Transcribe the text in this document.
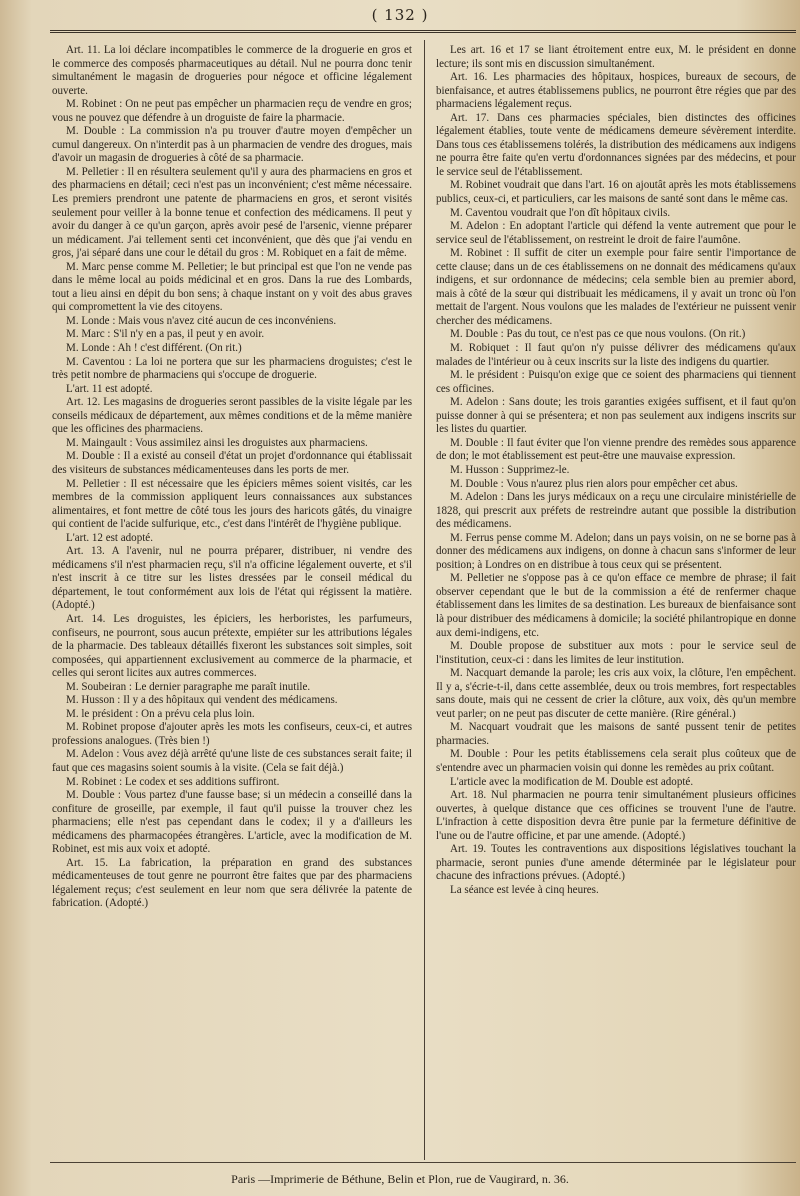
( 132 )

Art. 11. La loi déclare incompatibles le commerce de la droguerie en gros et le commerce des composés pharmaceutiques au détail. Nul ne pourra donc tenir simultanément le magasin de drogueries pour négoce et officine légalement ouverte.

M. Robinet : On ne peut pas empêcher un pharmacien reçu de vendre en gros; vous ne pouvez que défendre à un droguiste de faire la pharmacie.

M. Double : La commission n'a pu trouver d'autre moyen d'empêcher un cumul dangereux. On n'interdit pas à un pharmacien de vendre des drogues, mais d'avoir un magasin de drogueries à côté de sa pharmacie.

M. Pelletier : Il en résultera seulement qu'il y aura des pharmaciens en gros et des pharmaciens en détail; ceci n'est pas un inconvénient; c'est même nécessaire. Les premiers prendront une patente de pharmaciens en gros, et seront visités seulement pour veiller à la bonne tenue et confection des médicamens. Il peut y avoir du danger à ce qu'un garçon, après avoir pesé de l'arsenic, vienne préparer un médicament. J'ai tellement senti cet inconvénient, que dès que j'ai vendu en gros, j'ai séparé dans une cour le détail du gros : M. Robiquet en a fait de même.

M. Marc pense comme M. Pelletier; le but principal est que l'on ne vende pas dans le même local au poids médicinal et en gros. Dans la rue des Lombards, tout a lieu ainsi en dépit du bon sens; à chaque instant on y voit des abus graves qui compromettent la vie des citoyens.

M. Londe : Mais vous n'avez cité aucun de ces inconvéniens.

M. Marc : S'il n'y en a pas, il peut y en avoir.

M. Londe : Ah ! c'est différent. (On rit.)

M. Caventou : La loi ne portera que sur les pharmaciens droguistes; c'est le très petit nombre de pharmaciens qui s'occupe de droguerie.

L'art. 11 est adopté.

Art. 12. Les magasins de drogueries seront passibles de la visite légale par les conseils médicaux de département, aux mêmes conditions et de la même manière que les officines des pharmaciens.

M. Maingault : Vous assimilez ainsi les droguistes aux pharmaciens.

M. Double : Il a existé au conseil d'état un projet d'ordonnance qui établissait des visiteurs de substances médicamenteuses dans les ports de mer.

M. Pelletier : Il est nécessaire que les épiciers mêmes soient visités, car les membres de la commission appliquent leurs connaissances aux substances alimentaires, et font mettre de côté tous les jours des haricots gâtés, du vinaigre qui contient de l'acide sulfurique, etc., c'est dans l'intérêt de l'hygiène publique.

L'art. 12 est adopté.

Art. 13. A l'avenir, nul ne pourra préparer, distribuer, ni vendre des médicamens s'il n'est pharmacien reçu, s'il n'a officine légalement ouverte, et s'il n'est inscrit à ce titre sur les listes dressées par le conseil médical du département, le tout conformément aux lois de l'état qui régissent la matière. (Adopté.)

Art. 14. Les droguistes, les épiciers, les herboristes, les parfumeurs, confiseurs, ne pourront, sous aucun prétexte, empiéter sur les attributions légales de la pharmacie. Des tableaux détaillés fixeront les substances soit simples, soit composées, qui appartiennent exclusivement au commerce de la pharmacie, et celles qui seront licites aux autres commerces.

M. Soubeiran : Le dernier paragraphe me paraît inutile.

M. Husson : Il y a des hôpitaux qui vendent des médicamens.

M. le président : On a prévu cela plus loin.

M. Robinet propose d'ajouter après les mots les confiseurs, ceux-ci, et autres professions analogues. (Très bien !)

M. Adelon : Vous avez déjà arrêté qu'une liste de ces substances serait faite; il faut que ces magasins soient soumis à la visite. (Cela se fait déjà.)

M. Robinet : Le codex et ses additions suffiront.

M. Double : Vous partez d'une fausse base; si un médecin a conseillé dans la confiture de groseille, par exemple, il faut qu'il puisse la trouver chez les pharmaciens; elle n'est pas cependant dans le codex; il y a d'ailleurs les médicamens des pharmacopées étrangères. L'article, avec la modification de M. Robinet, est mis aux voix et adopté.

Art. 15. La fabrication, la préparation en grand des substances médicamenteuses de tout genre ne pourront être faites que par des pharmaciens légalement reçus; c'est seulement en leur nom que sera délivrée la patente de fabrication. (Adopté.)

Les art. 16 et 17 se liant étroitement entre eux, M. le président en donne lecture; ils sont mis en discussion simultanément.

Art. 16. Les pharmacies des hôpitaux, hospices, bureaux de secours, de bienfaisance, et autres établissemens publics, ne pourront être régies que par des pharmaciens légalement reçus.

Art. 17. Dans ces pharmacies spéciales, bien distinctes des officines légalement établies, toute vente de médicamens demeure sévèrement interdite. Dans tous ces établissemens tolérés, la distribution des médicamens aux indigens ne pourra être faite qu'en vertu d'ordonnances signées par des médecins, et pour le service seul de l'établissement.

M. Robinet voudrait que dans l'art. 16 on ajoutât après les mots établissemens publics, ceux-ci, et particuliers, car les maisons de santé sont dans le même cas.

M. Caventou voudrait que l'on dît hôpitaux civils.

M. Adelon : En adoptant l'article qui défend la vente autrement que pour le service seul de l'établissement, on restreint le droit de faire l'aumône.

M. Robinet : Il suffit de citer un exemple pour faire sentir l'importance de cette clause; dans un de ces établissemens on ne donnait des médicamens qu'aux indigens, et sur ordonnance de médecins; cela semble bien au premier abord, mais à côté de la sœur qui distribuait les médicamens, il y avait un tronc où l'on mettait de l'argent. Nous voulons que les malades de l'extérieur ne puissent venir chercher des médicamens.

M. Double : Pas du tout, ce n'est pas ce que nous voulons. (On rit.)

M. Robiquet : Il faut qu'on n'y puisse délivrer des médicamens qu'aux malades de l'intérieur ou à ceux inscrits sur la liste des indigens du quartier.

M. le président : Puisqu'on exige que ce soient des pharmaciens qui tiennent ces officines.

M. Adelon : Sans doute; les trois garanties exigées suffisent, et il faut qu'on puisse donner à qui se présentera; et non pas seulement aux indigens inscrits sur les listes du quartier.

M. Double : Il faut éviter que l'on vienne prendre des remèdes sous apparence de don; le mot établissement est peut-être une mauvaise expression.

M. Husson : Supprimez-le.

M. Double : Vous n'aurez plus rien alors pour empêcher cet abus.

M. Adelon : Dans les jurys médicaux on a reçu une circulaire ministérielle de 1828, qui prescrit aux préfets de restreindre autant que possible la distribution des médicamens.

M. Ferrus pense comme M. Adelon; dans un pays voisin, on ne se borne pas à donner des médicamens aux indigens, on donne à chacun sans s'informer de leur position; à Londres on en distribue à tous ceux qui se présentent.

M. Pelletier ne s'oppose pas à ce qu'on efface ce membre de phrase; il fait observer cependant que le but de la commission a été de renfermer chaque établissement dans les limites de sa destination. Les bureaux de bienfaisance sont là pour distribuer des médicamens à domicile; la société philantropique en donne aux demi-indigens, etc.

M. Double propose de substituer aux mots : pour le service seul de l'institution, ceux-ci : dans les limites de leur institution.

M. Nacquart demande la parole; les cris aux voix, la clôture, l'en empêchent. Il y a, s'écrie-t-il, dans cette assemblée, deux ou trois membres, fort respectables sans doute, mais qui ne cessent de crier la clôture, aux voix, dès qu'un membre veut parler; on ne peut pas discuter de cette manière. (Rire général.)

M. Nacquart voudrait que les maisons de santé pussent tenir de petites pharmacies.

M. Double : Pour les petits établissemens cela serait plus coûteux que de s'entendre avec un pharmacien voisin qui donne les remèdes au prix coûtant.

L'article avec la modification de M. Double est adopté.

Art. 18. Nul pharmacien ne pourra tenir simultanément plusieurs officines ouvertes, à quelque distance que ces officines se trouvent l'une de l'autre. L'infraction à cette disposition devra être punie par la fermeture définitive de l'une ou de l'autre officine, et par une amende. (Adopté.)

Art. 19. Toutes les contraventions aux dispositions législatives touchant la pharmacie, seront punies d'une amende déterminée par le législateur pour chacune des infractions prévues. (Adopté.)

La séance est levée à cinq heures.

Paris —Imprimerie de Béthune, Belin et Plon, rue de Vaugirard, n. 36.
